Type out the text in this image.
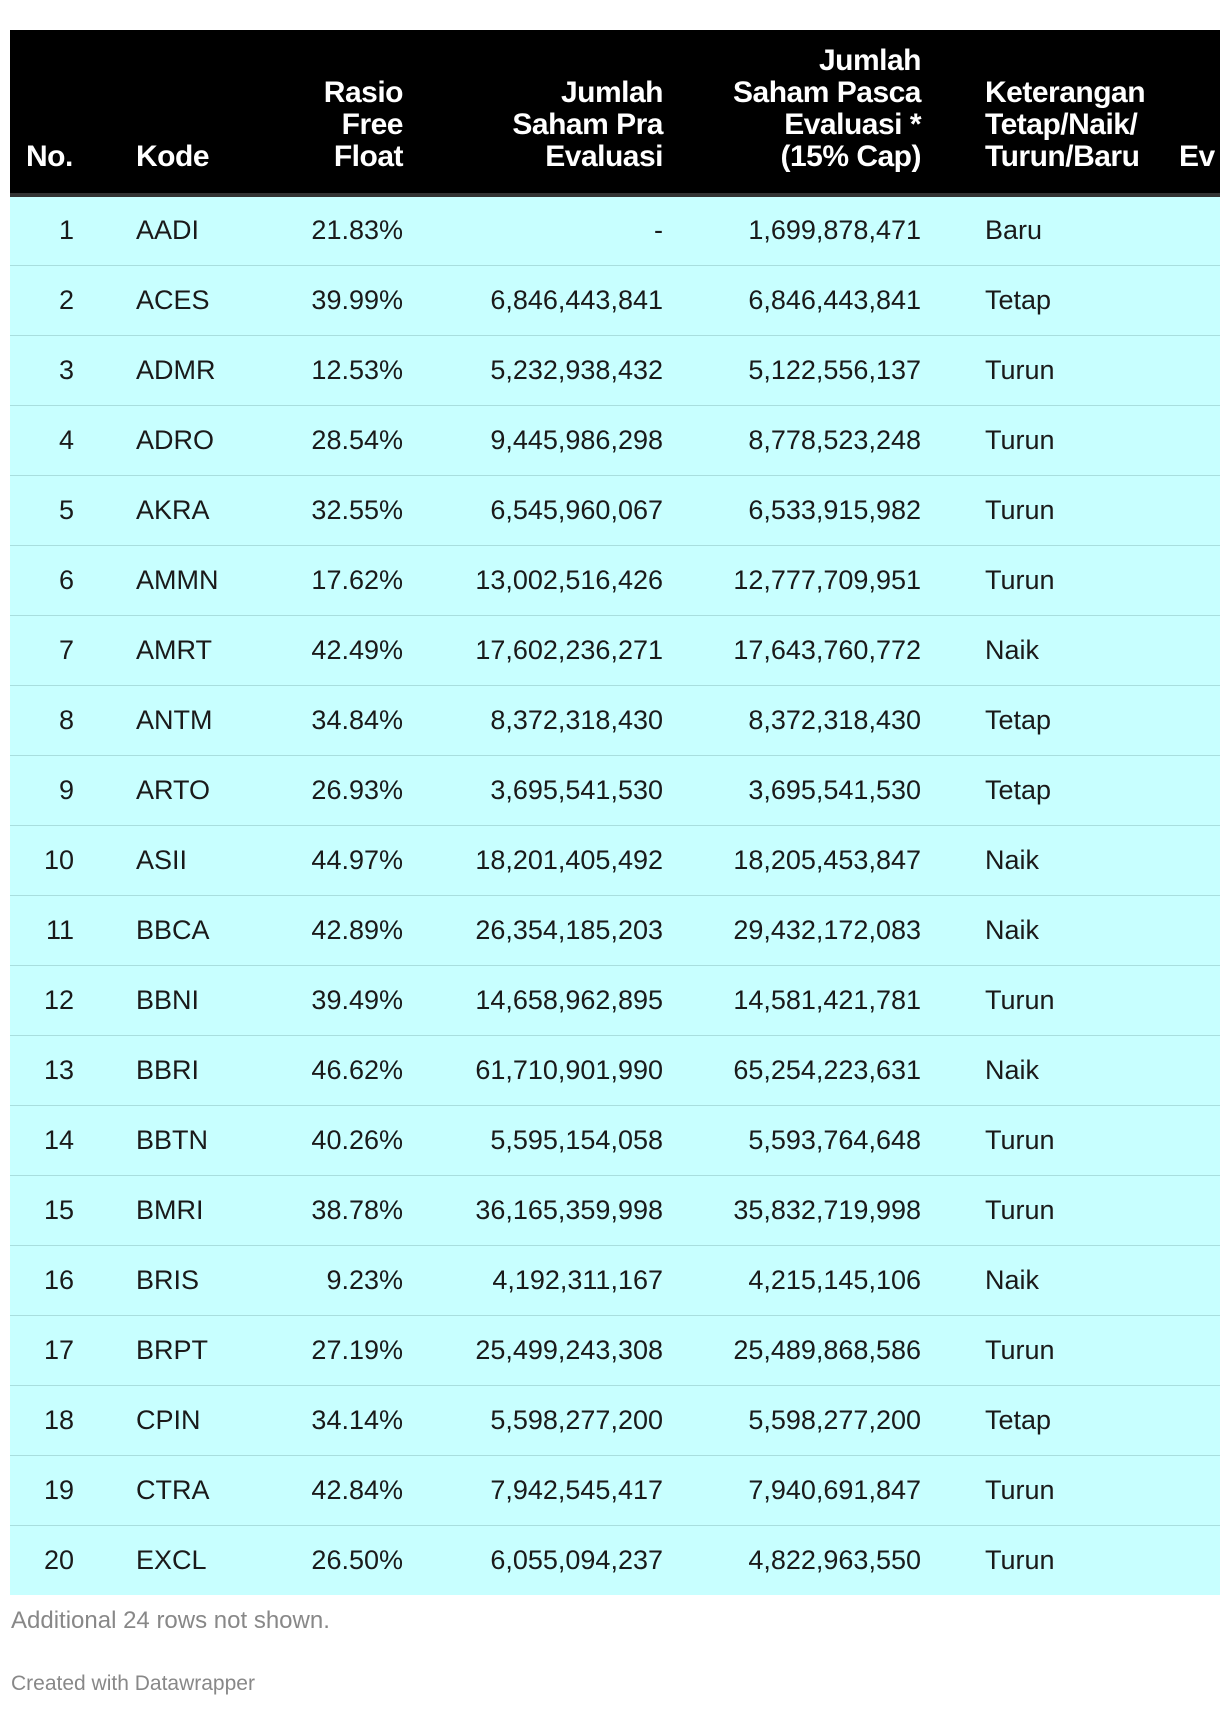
No.	Kode	Rasio
Free
Float	Jumlah
Saham Pra
Evaluasi	Jumlah
Saham Pasca
Evaluasi *
(15% Cap)	Keterangan
Tetap/Naik/
Turun/Baru	Ev

1	AADI	21.83%	-	1,699,878,471	Baru	
2	ACES	39.99%	6,846,443,841	6,846,443,841	Tetap	
3	ADMR	12.53%	5,232,938,432	5,122,556,137	Turun	
4	ADRO	28.54%	9,445,986,298	8,778,523,248	Turun	
5	AKRA	32.55%	6,545,960,067	6,533,915,982	Turun	
6	AMMN	17.62%	13,002,516,426	12,777,709,951	Turun	
7	AMRT	42.49%	17,602,236,271	17,643,760,772	Naik	
8	ANTM	34.84%	8,372,318,430	8,372,318,430	Tetap	
9	ARTO	26.93%	3,695,541,530	3,695,541,530	Tetap	
10	ASII	44.97%	18,201,405,492	18,205,453,847	Naik	
11	BBCA	42.89%	26,354,185,203	29,432,172,083	Naik	
12	BBNI	39.49%	14,658,962,895	14,581,421,781	Turun	
13	BBRI	46.62%	61,710,901,990	65,254,223,631	Naik	
14	BBTN	40.26%	5,595,154,058	5,593,764,648	Turun	
15	BMRI	38.78%	36,165,359,998	35,832,719,998	Turun	
16	BRIS	9.23%	4,192,311,167	4,215,145,106	Naik	
17	BRPT	27.19%	25,499,243,308	25,489,868,586	Turun	
18	CPIN	34.14%	5,598,277,200	5,598,277,200	Tetap	
19	CTRA	42.84%	7,942,545,417	7,940,691,847	Turun	
20	EXCL	26.50%	6,055,094,237	4,822,963,550	Turun	
Additional 24 rows not shown.
Created with Datawrapper
